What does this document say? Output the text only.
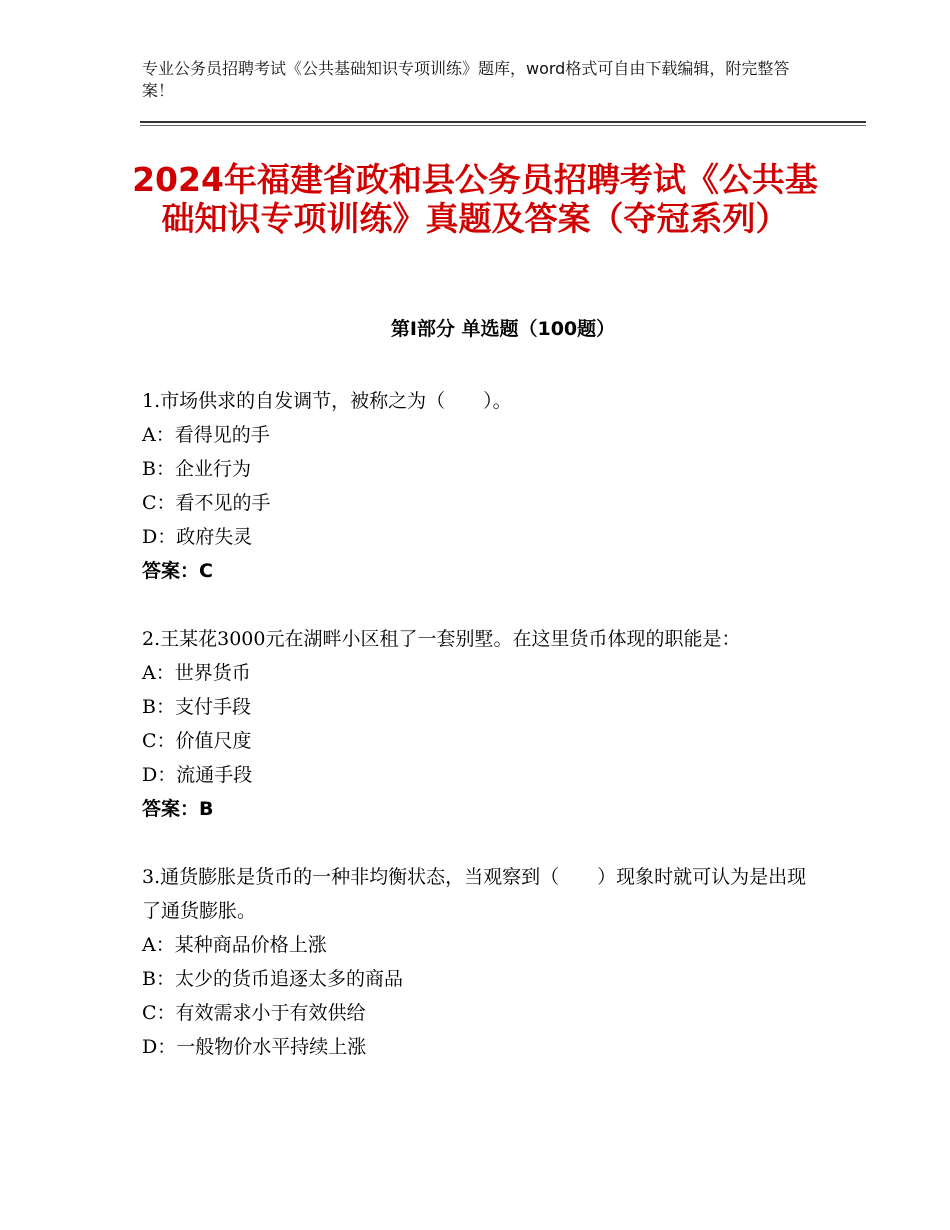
专业公务员招聘考试《公共基础知识专项训练》题库，word格式可自由下载编辑，附完整答案！
2024年福建省政和县公务员招聘考试《公共基础知识专项训练》真题及答案（夺冠系列）
第I部分 单选题（100题）
1.市场供求的自发调节，被称之为（　　）。
A：看得见的手
B：企业行为
C：看不见的手
D：政府失灵
答案：C
2.王某花3000元在湖畔小区租了一套别墅。在这里货币体现的职能是：
A：世界货币
B：支付手段
C：价值尺度
D：流通手段
答案：B
3.通货膨胀是货币的一种非均衡状态，当观察到（　　）现象时就可认为是出现了通货膨胀。
A：某种商品价格上涨
B：太少的货币追逐太多的商品
C：有效需求小于有效供给
D：一般物价水平持续上涨
